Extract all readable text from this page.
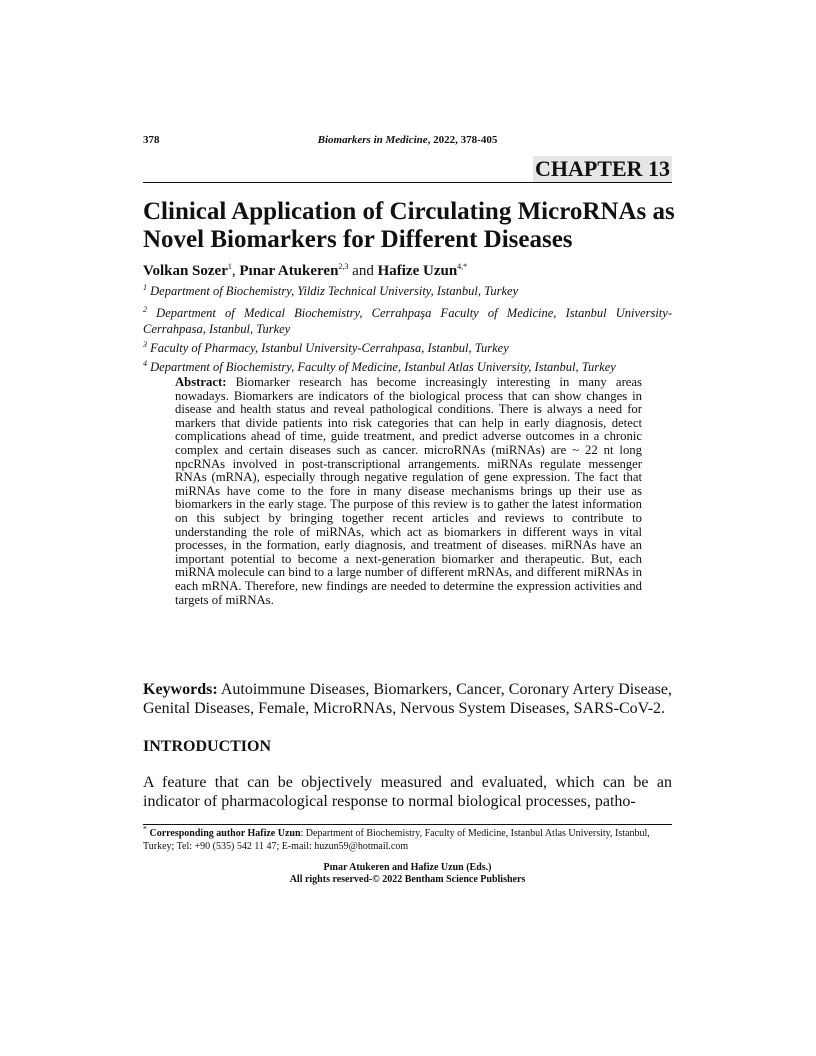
378	Biomarkers in Medicine, 2022, 378-405
CHAPTER 13
Clinical Application of Circulating MicroRNAs as Novel Biomarkers for Different Diseases
Volkan Sozer$^1$, Pınar Atukeren$^{2,3}$ and Hafize Uzun$^{4,*}$
$^1$ Department of Biochemistry, Yildiz Technical University, Istanbul, Turkey
$^2$ Department of Medical Biochemistry, Cerrahpaşa Faculty of Medicine, Istanbul University-Cerrahpasa, Istanbul, Turkey
$^3$ Faculty of Pharmacy, Istanbul University-Cerrahpasa, Istanbul, Turkey
$^4$ Department of Biochemistry, Faculty of Medicine, Istanbul Atlas University, Istanbul, Turkey
Abstract: Biomarker research has become increasingly interesting in many areas nowadays. Biomarkers are indicators of the biological process that can show changes in disease and health status and reveal pathological conditions. There is always a need for markers that divide patients into risk categories that can help in early diagnosis, detect complications ahead of time, guide treatment, and predict adverse outcomes in a chronic complex and certain diseases such as cancer. microRNAs (miRNAs) are ~ 22 nt long npcRNAs involved in post-transcriptional arrangements. miRNAs regulate messenger RNAs (mRNA), especially through negative regulation of gene expression. The fact that miRNAs have come to the fore in many disease mechanisms brings up their use as biomarkers in the early stage. The purpose of this review is to gather the latest information on this subject by bringing together recent articles and reviews to contribute to understanding the role of miRNAs, which act as biomarkers in different ways in vital processes, in the formation, early diagnosis, and treatment of diseases. miRNAs have an important potential to become a next-generation biomarker and therapeutic. But, each miRNA molecule can bind to a large number of different mRNAs, and different miRNAs in each mRNA. Therefore, new findings are needed to determine the expression activities and targets of miRNAs.
Keywords: Autoimmune Diseases, Biomarkers, Cancer, Coronary Artery Disease, Genital Diseases, Female, MicroRNAs, Nervous System Diseases, SARS-CoV-2.
INTRODUCTION
A feature that can be objectively measured and evaluated, which can be an indicator of pharmacological response to normal biological processes, patho-
* Corresponding author Hafize Uzun: Department of Biochemistry, Faculty of Medicine, Istanbul Atlas University, Istanbul, Turkey; Tel: +90 (535) 542 11 47; E-mail: huzun59@hotmail.com
Pınar Atukeren and Hafize Uzun (Eds.)
All rights reserved-© 2022 Bentham Science Publishers
